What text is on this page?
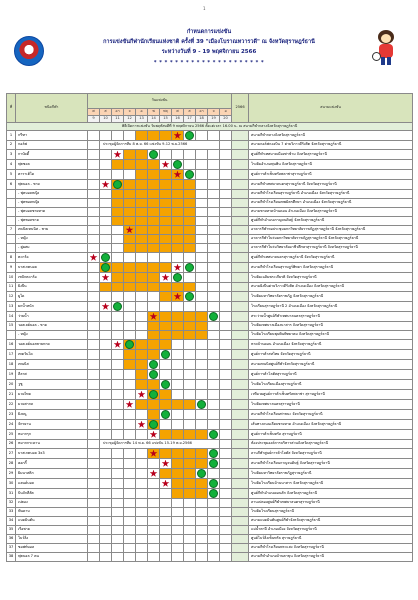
1
กำหนดการแข่งขัน
การแข่งขันกีฬานักเรียนแห่งชาติ ครั้งที่ 39 "เมืองโบราณทวารวดี" ณ จังหวัดสุราษฎร์ธานี
ระหว่างวันที่ 9 - 19 พฤศจิกายน 2566
* * * * * * * * * * * * * * * * * * * * *
ที่	ชนิดกีฬา	วันแข่งขัน												2566	สนามแข่งขัน
		ศ	ส	อา	จ	อ	พ	พฤ	ศ	ส	อา	จ	อ		
		9	10	11	12	13	14	15	16	17	18	19	20		
พิธีเปิดการแข่งขัน วันพฤหัสบดีที่ 9 พฤศจิกายน 2566 ตั้งแต่เวลา 16.00 น. ณ สนามกีฬากลางจังหวัดสุราษฎร์ธานี															
1	กรีฑา														สนามกีฬากลางจังหวัดสุราษฎร์ธานี
2	กอล์ฟ		ประชุมผู้จัดการทีม 8 พ.ย. 66 แข่งขัน 9-12 พ.ย.2566												สนามกอล์ฟกองบิน 7 ค่ายวิภาวดีรังสิต จังหวัดสุราษฎร์ธานี
3	กาบัดดี้														ศูนย์กีฬาเทศบาลเมืองท่าข้าม จังหวัดสุราษฎร์ธานี
4	ฟุตซอล														โรงยิมอำเภอพุนพิน จังหวัดสุราษฎร์ธานี
5	คาราเต้โด														ศูนย์การค้าเซ็นทรัลพลาซ่าสุราษฎร์ธานี
6	ฟุตบอล - ชาย														สนามกีฬาเทศบาลนครสุราษฎร์ธานี จังหวัดสุราษฎร์ธานี
	- ฟุตบอลหญิง														สนามกีฬาโรงเรียนสุราษฎร์ธานี อำเภอเมือง จังหวัดสุราษฎร์ธานี
	- ฟุตซอลหญิง														สนามกีฬาโรงเรียนเทพมิตรศึกษา อำเภอเมือง จังหวัดสุราษฎร์ธานี
	- ฟุตบอลชายหาด														สนามชายหาดบ้านดอน อำเภอเมือง จังหวัดสุราษฎร์ธานี
	- ฟุตซอลชาย														ศูนย์กีฬาอำเภอกาญจนดิษฐ์ จังหวัดสุราษฎร์ธานี
7	เทเบิลเทนนิส - ชาย														อาคารกีฬาหอประชุมมหาวิทยาลัยราชภัฏสุราษฎร์ธานี จังหวัดสุราษฎร์ธานี
	- หญิง														อาคารกีฬาในร่มมหาวิทยาลัยราชภัฏสุราษฎร์ธานี จังหวัดสุราษฎร์ธานี
	- คู่ผสม														อาคารกีฬาในร่มวิทยาลัยอาชีวศึกษาสุราษฎร์ธานี จังหวัดสุราษฎร์ธานี
8	ตะกร้อ														ศูนย์กีฬาเทศบาลนครสุราษฎร์ธานี จังหวัดสุราษฎร์ธานี
9	บาสเกตบอล														สนามกีฬาโรงเรียนสุราษฎร์พิทยา จังหวัดสุราษฎร์ธานี
10	เซปักตะกร้อ														โรงยิมเฉลิมพระเกียรติ จังหวัดสุราษฎร์ธานี
11	ยิงปืน														สนามยิงปืนค่ายวิภาวดีรังสิต อำเภอเมือง จังหวัดสุราษฎร์ธานี
12	ยูโด														โรงยิมมหาวิทยาลัยราชภัฏ จังหวัดสุราษฎร์ธานี
13	ยกน้ำหนัก														โรงเรียนสุราษฎร์ธานี 2 อำเภอเมือง จังหวัดสุราษฎร์ธานี
14	ว่ายน้ำ														สระว่ายน้ำศูนย์กีฬาเทศบาลนครสุราษฎร์ธานี
15	วอลเลย์บอล - ชาย														โรงยิมเทศบาลเมืองนาสาร จังหวัดสุราษฎร์ธานี
	- หญิง														โรงยิมโรงเรียนพุนพินพิทยาคม จังหวัดสุราษฎร์ธานี
16	วอลเลย์บอลชายหาด														หาดบ้านดอน อำเภอเมือง จังหวัดสุราษฎร์ธานี
17	เทควันโด														ศูนย์การค้าสหไทย จังหวัดสุราษฎร์ธานี
18	เทนนิส														สนามเทนนิสศูนย์กีฬาจังหวัดสุราษฎร์ธานี
19	ลีลาศ														ศูนย์การค้าโลตัสสุราษฎร์ธานี
20	วูซู														โรงยิมโรงเรียนเมืองสุราษฎร์ธานี
21	มวยไทย														เวทีมวยศูนย์การค้าเซ็นทรัลพลาซ่า สุราษฎร์ธานี
22	มวยสากล														โรงยิมเทศบาลนครสุราษฎร์ธานี
23	ยิงธนู														สนามกีฬาโรงเรียนท่าชนะ จังหวัดสุราษฎร์ธานี
24	จักรยาน														เส้นทางถนนเลียบชายหาด อำเภอเมือง จังหวัดสุราษฎร์ธานี
25	หมากรุก														ศูนย์การค้าเซ็นทรัล สุราษฎร์ธานี
26	หมากกระดาน		ประชุมผู้จัดการทีม 14 พ.ย. 66 แข่งขัน 15-19 พ.ย.2566												ห้องประชุมองค์การบริหารส่วนจังหวัดสุราษฎร์ธานี
27	บาสเกตบอล 3x3														ลานกีฬาศูนย์การค้าโลตัส จังหวัดสุราษฎร์ธานี
28	ฮอกกี้														สนามกีฬาโรงเรียนกาญจนดิษฐ์ จังหวัดสุราษฎร์ธานี
29	ยิมนาสติก														โรงยิมมหาวิทยาลัยราชภัฏสุราษฎร์ธานี
30	แฮนด์บอล														โรงยิมโรงเรียนบ้านนาสาร จังหวัดสุราษฎร์ธานี
31	ปันจักสีลัต														ศูนย์กีฬาอำเภอดอนสัก จังหวัดสุราษฎร์ธานี
32	เปตอง														ลานเปตองศูนย์กีฬาเทศบาลนครสุราษฎร์ธานี
33	ฟันดาบ														โรงยิมโรงเรียนสุราษฎร์ธานี
34	แบดมินตัน														สนามแบดมินตันศูนย์กีฬาจังหวัดสุราษฎร์ธานี
35	เรือพาย														แม่น้ำตาปี อำเภอเมือง จังหวัดสุราษฎร์ธานี
36	โบว์ลิ่ง														ศูนย์โบว์ลิ่งเซ็นทรัล สุราษฎร์ธานี
37	ซอฟท์บอล														สนามกีฬาโรงเรียนพระแสง จังหวัดสุราษฎร์ธานี
38	ฟุตบอล 7 คน														สนามกีฬาอำเภอบ้านตาขุน จังหวัดสุราษฎร์ธานี
